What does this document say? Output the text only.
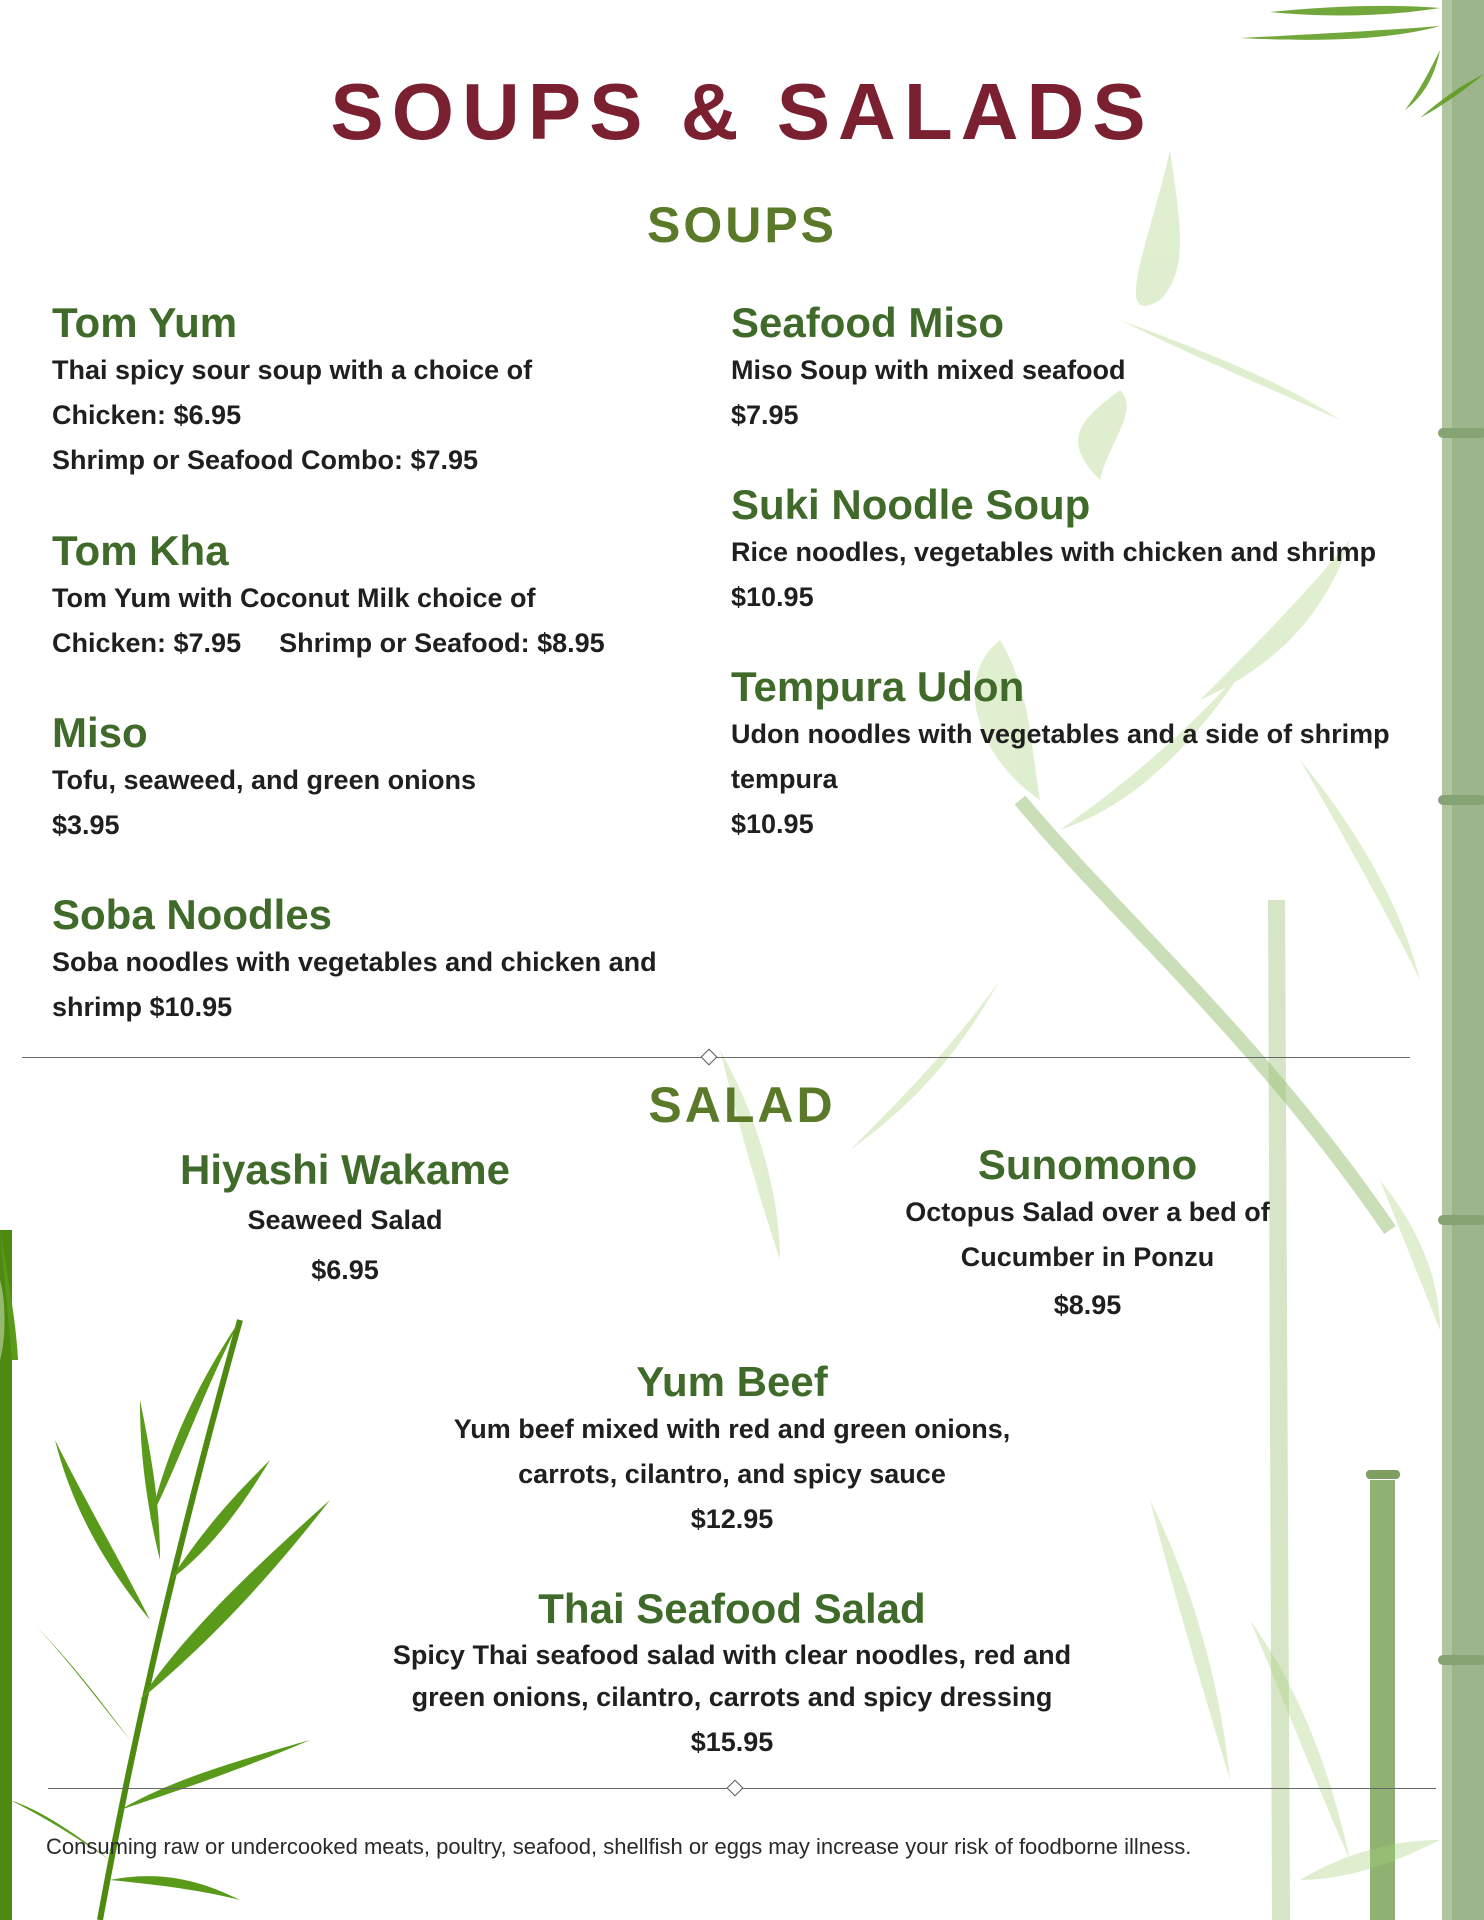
SOUPS & SALADS
SOUPS
Tom Yum
Thai spicy sour soup with a choice of
Chicken: $6.95
Shrimp or Seafood Combo: $7.95
Tom Kha
Tom Yum with Coconut Milk choice of
Chicken: $7.95 Shrimp or Seafood: $8.95
Miso
Tofu, seaweed, and green onions
$3.95
Soba Noodles
Soba noodles with vegetables and chicken and
shrimp $10.95
Seafood Miso
Miso Soup with mixed seafood
$7.95
Suki Noodle Soup
Rice noodles, vegetables with chicken and shrimp
$10.95
Tempura Udon
Udon noodles with vegetables and a side of shrimp
tempura
$10.95
SALAD
Hiyashi Wakame
Seaweed Salad
$6.95
Sunomono
Octopus Salad over a bed of
Cucumber in Ponzu
$8.95
Yum Beef
Yum beef mixed with red and green onions,
carrots, cilantro, and spicy sauce
$12.95
Thai Seafood Salad
Spicy Thai seafood salad with clear noodles, red and
green onions, cilantro, carrots and spicy dressing
$15.95
Consuming raw or undercooked meats, poultry, seafood, shellfish or eggs may increase your risk of foodborne illness.
